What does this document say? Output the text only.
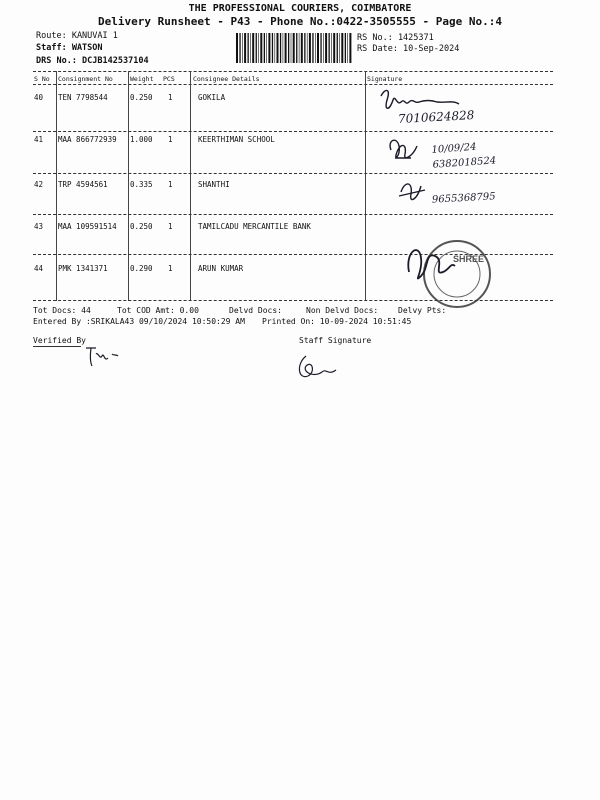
THE PROFESSIONAL COURIERS, COIMBATORE
Delivery Runsheet - P43 - Phone No.:0422-3505555 - Page No.:4
Route: KANUVAI 1
Staff: WATSON
DRS No.: DCJB142537104
RS No.: 1425371
RS Date: 10-Sep-2024
S No Consignment No	Weight PCS	Consignee Details	Signature
40 TEN 7798544	0.250 1	GOKILA
7010624828
41 MAA 866772939 1.000 1	KEERTHIMAN SCHOOL
10/09/24 6382018524
42 TRP 4594561	0.335 1	SHANTHI
9655368795
43 MAA 109591514 0.250 1	TAMILCADU MERCANTILE BANK
44 PMK 1341371	0.290 1	ARUN KUMAR
SHREE
Tot Docs: 44	Tot COD Amt: 0.00	Delvd Docs:	Non Delvd Docs: Delvy Pts:
Entered By :SRIKALA43 09/10/2024 10:50:29 AM Printed On: 10-09-2024 10:51:45
Verified By	Staff Signature
